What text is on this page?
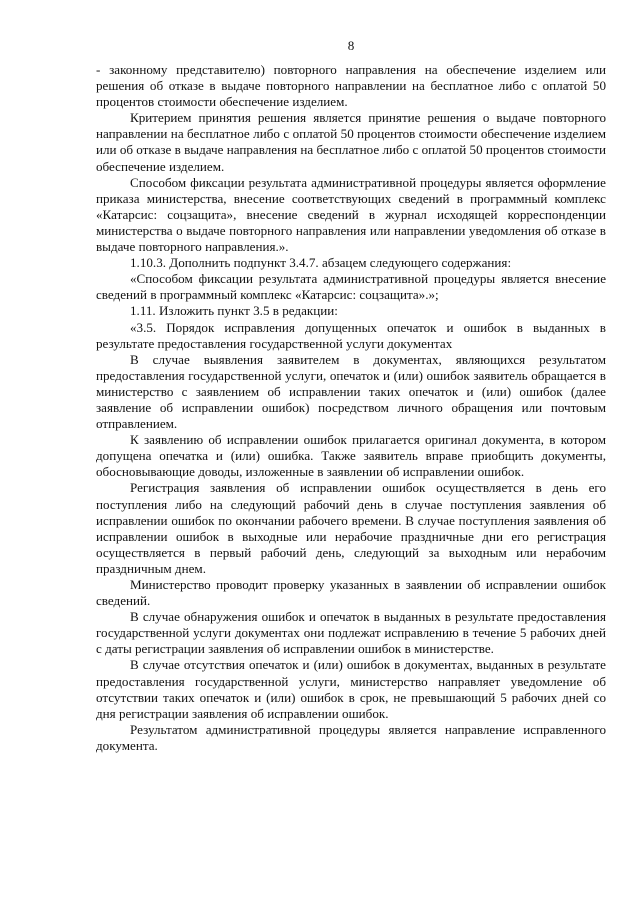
8

- законному представителю) повторного направления на обеспечение изделием или решения об отказе в выдаче повторного направлении на бесплатное либо с оплатой 50 процентов стоимости обеспечение изделием.

Критерием принятия решения является принятие решения о выдаче повторного направлении на бесплатное либо с оплатой 50 процентов стоимости обеспечение изделием или об отказе в выдаче направления на бесплатное либо с оплатой 50 процентов стоимости обеспечение изделием.

Способом фиксации результата административной процедуры является оформление приказа министерства, внесение соответствующих сведений в программный комплекс «Катарсис: соцзащита», внесение сведений в журнал исходящей корреспонденции министерства о выдаче повторного направления или направлении уведомления об отказе в выдаче повторного направления.».

1.10.3. Дополнить подпункт 3.4.7. абзацем следующего содержания:

«Способом фиксации результата административной процедуры является внесение сведений в программный комплекс «Катарсис: соцзащита».»;

1.11. Изложить пункт 3.5 в редакции:

«3.5. Порядок исправления допущенных опечаток и ошибок в выданных в результате предоставления государственной услуги документах

В случае выявления заявителем в документах, являющихся результатом предоставления государственной услуги, опечаток и (или) ошибок заявитель обращается в министерство с заявлением об исправлении таких опечаток и (или) ошибок (далее заявление об исправлении ошибок) посредством личного обращения или почтовым отправлением.

К заявлению об исправлении ошибок прилагается оригинал документа, в котором допущена опечатка и (или) ошибка. Также заявитель вправе приобщить документы, обосновывающие доводы, изложенные в заявлении об исправлении ошибок.

Регистрация заявления об исправлении ошибок осуществляется в день его поступления либо на следующий рабочий день в случае поступления заявления об исправлении ошибок по окончании рабочего времени. В случае поступления заявления об исправлении ошибок в выходные или нерабочие праздничные дни его регистрация осуществляется в первый рабочий день, следующий за выходным или нерабочим праздничным днем.

Министерство проводит проверку указанных в заявлении об исправлении ошибок сведений.

В случае обнаружения ошибок и опечаток в выданных в результате предоставления государственной услуги документах они подлежат исправлению в течение 5 рабочих дней с даты регистрации заявления об исправлении ошибок в министерстве.

В случае отсутствия опечаток и (или) ошибок в документах, выданных в результате предоставления государственной услуги, министерство направляет уведомление об отсутствии таких опечаток и (или) ошибок в срок, не превышающий 5 рабочих дней со дня регистрации заявления об исправлении ошибок.

Результатом административной процедуры является направление исправленного документа.
